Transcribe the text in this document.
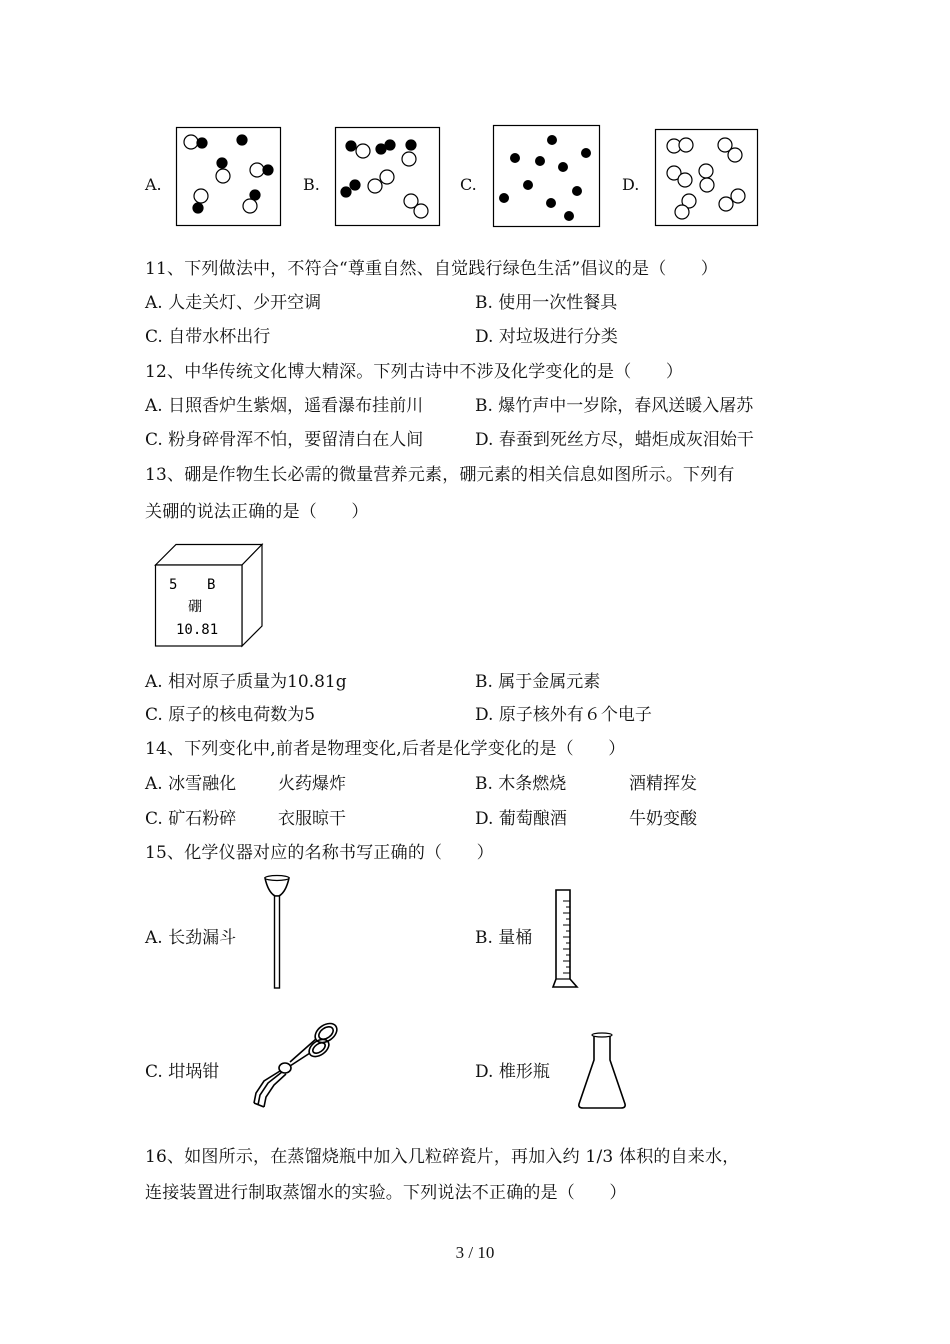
A.	B.	C.	D.
11、下列做法中，不符合“尊重自然、自觉践行绿色生活”倡议的是（　　）
A. 人走关灯、少开空调	B. 使用一次性餐具
C. 自带水杯出行	D. 对垃圾进行分类
12、中华传统文化博大精深。下列古诗中不涉及化学变化的是（　　）
A. 日照香炉生紫烟，遥看瀑布挂前川	B. 爆竹声中一岁除，春风送暖入屠苏
C. 粉身碎骨浑不怕，要留清白在人间	D. 春蚕到死丝方尽，蜡炬成灰泪始干
13、硼是作物生长必需的微量营养元素，硼元素的相关信息如图所示。下列有
关硼的说法正确的是（　　）
5 B
硼
10.81
A. 相对原子质量为10.81g	B. 属于金属元素
C. 原子的核电荷数为5	D. 原子核外有６个电子
14、下列变化中,前者是物理变化,后者是化学变化的是（　　）
A. 冰雪融化 火药爆炸	B. 木条燃烧	酒精挥发
C. 矿石粉碎 衣服晾干	D. 葡萄酿酒	牛奶变酸
15、化学仪器对应的名称书写正确的（　　）
A. 长劲漏斗	B. 量桶
C. 坩埚钳	D. 椎形瓶
16、如图所示，在蒸馏烧瓶中加入几粒碎瓷片，再加入约 1/3 体积的自来水，
连接装置进行制取蒸馏水的实验。下列说法不正确的是（　　）
3 / 10
